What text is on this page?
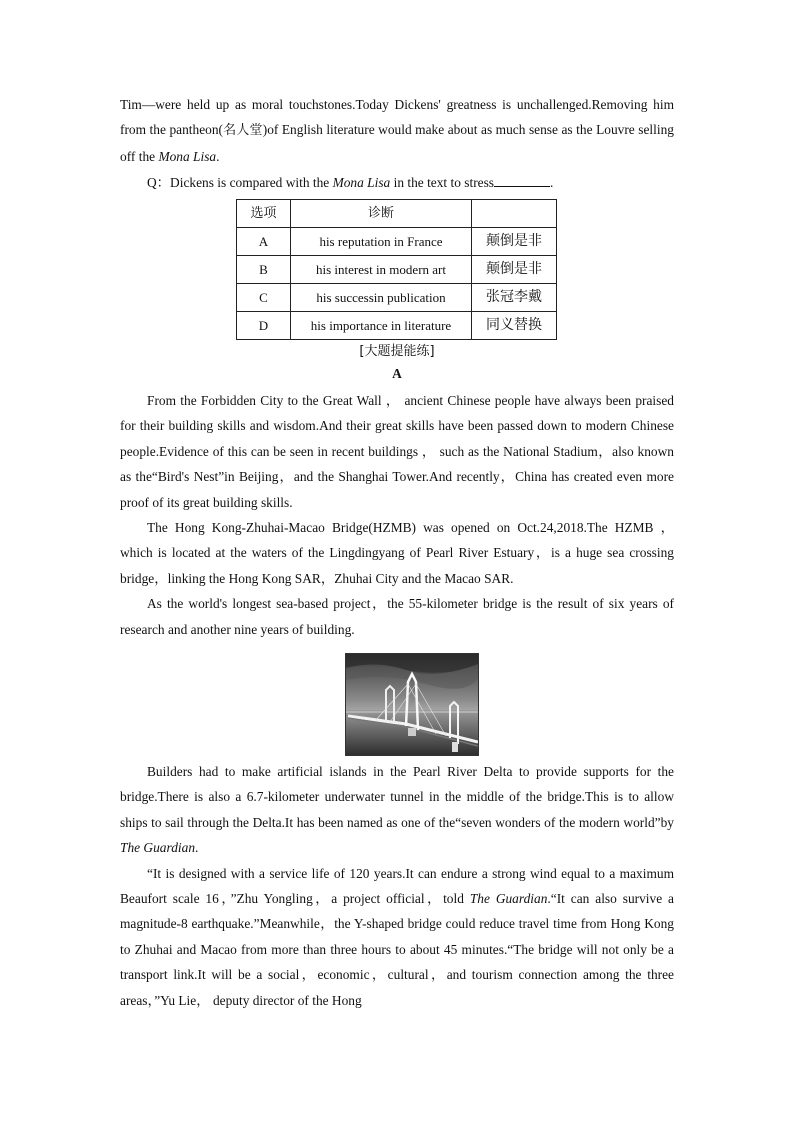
Tim—were held up as moral touchstones.Today Dickens' greatness is unchallenged.Removing him from the pantheon(名人堂)of English literature would make about as much sense as the Louvre selling off the Mona Lisa.

Q：Dickens is compared with the Mona Lisa in the text to stress	.

选项	诊断	
A	his reputation in France	颠倒是非
B	his interest in modern art	颠倒是非
C	his successin publication	张冠李戴
D	his importance in literature	同义替换
[大题提能练]
A

From the Forbidden City to the Great Wall ， ancient Chinese people have always been praised for their building skills and wisdom.And their great skills have been passed down to modern Chinese people.Evidence of this can be seen in recent buildings ， such as the National Stadium，also known as the“Bird's Nest”in Beijing，and the Shanghai Tower.And recently，China has created even more proof of its great building skills.

The Hong Kong-Zhuhai-Macao Bridge(HZMB) was opened on Oct.24,2018.The HZMB ， which is located at the waters of the Lingdingyang of Pearl River Estuary，is a huge sea crossing bridge，linking the Hong Kong SAR，Zhuhai City and the Macao SAR.

As the world's longest sea-based project，the 55-kilometer bridge is the result of six years of research and another nine years of building.

Builders had to make artificial islands in the Pearl River Delta to provide supports for the bridge.There is also a 6.7-kilometer underwater tunnel in the middle of the bridge.This is to allow ships to sail through the Delta.It has been named as one of the“seven wonders of the modern world”by The Guardian.

“It is designed with a service life of 120 years.It can endure a strong wind equal to a maximum Beaufort scale 16，”Zhu Yongling，a project official，told The Guardian.“It can also survive a magnitude-8 earthquake.”Meanwhile，the Y-shaped bridge could reduce travel time from Hong Kong to Zhuhai and Macao from more than three hours to about 45 minutes.“The bridge will not only be a transport link.It will be a social，economic，cultural，and tourism connection among the three areas，”Yu Lie， deputy director of the Hong
